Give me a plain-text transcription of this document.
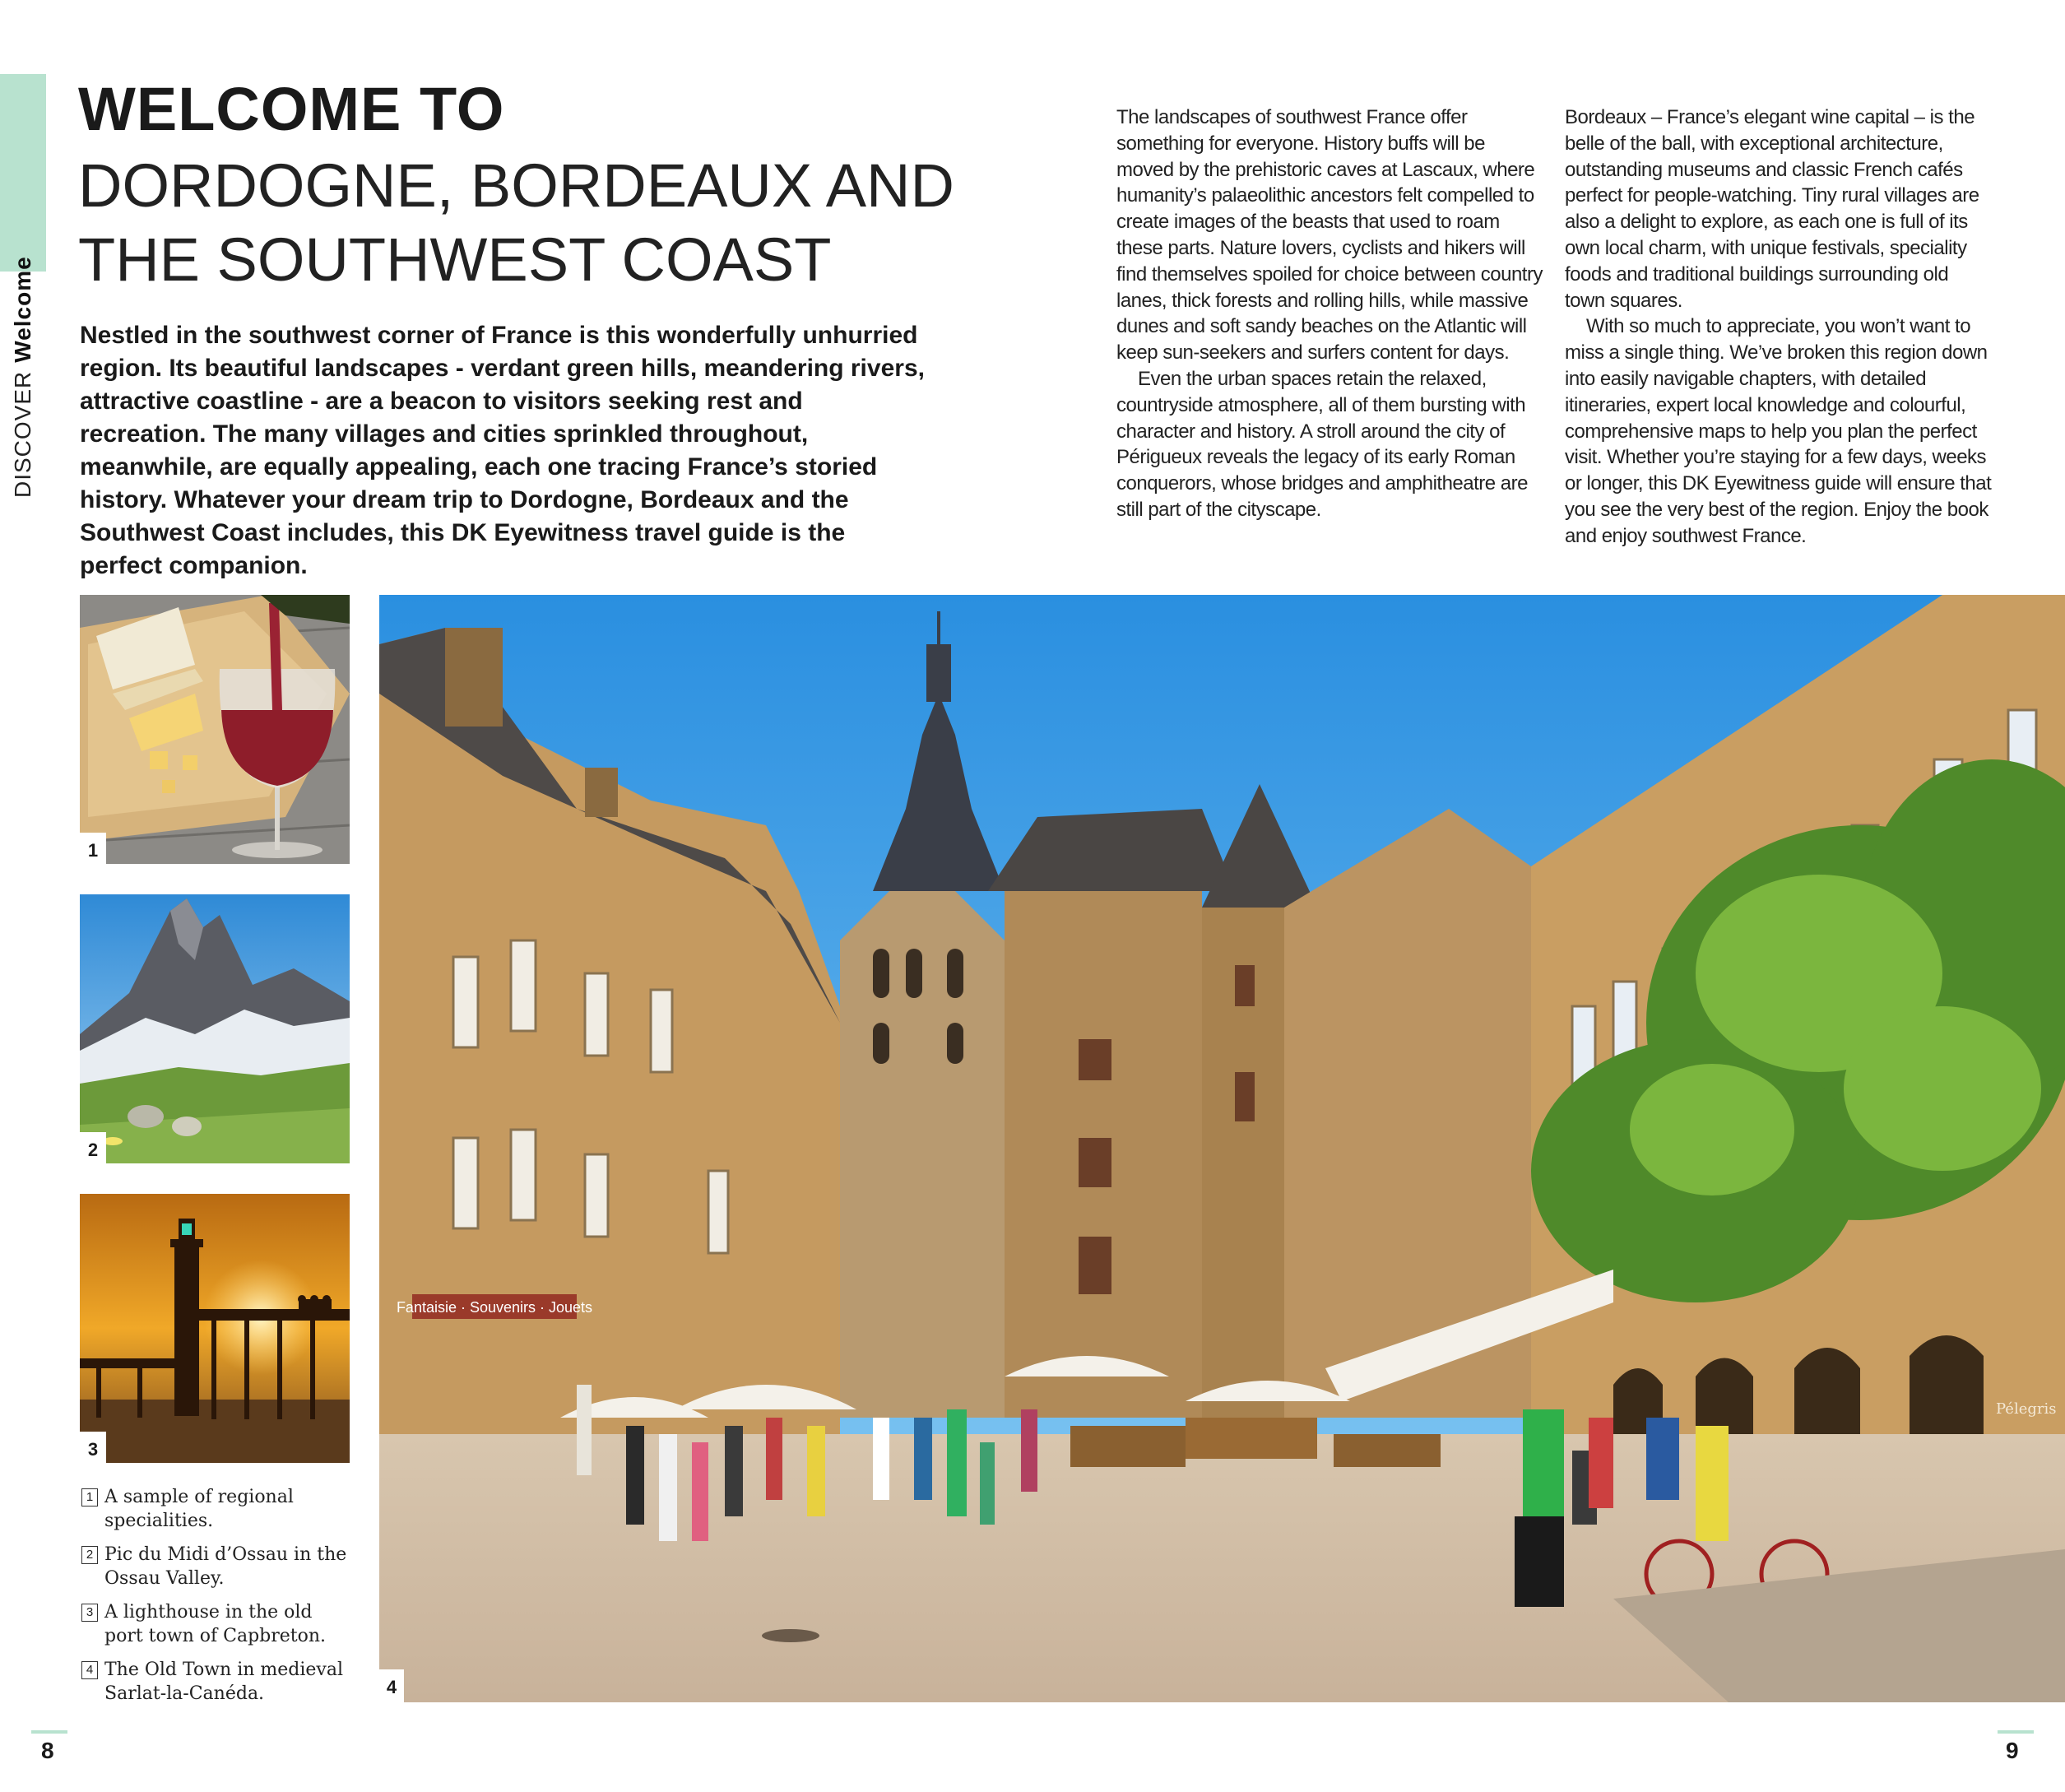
DISCOVERWelcome
WELCOME TO
DORDOGNE, BORDEAUX AND
THE SOUTHWEST COAST

Nestled in the southwest corner of France is this wonderfully unhurried region. Its beautiful landscapes - verdant green hills, meandering rivers, attractive coastline - are a beacon to visitors seeking rest and recreation. The many villages and cities sprinkled throughout, meanwhile, are equally appealing, each one tracing France’s storied history. Whatever your dream trip to Dordogne, Bordeaux and the Southwest Coast includes, this DK Eyewitness travel guide is the perfect companion.

The landscapes of southwest France offer something for everyone. History buffs will be moved by the prehistoric caves at Lascaux, where humanity’s palaeolithic ancestors felt compelled to create images of the beasts that used to roam these parts. Nature lovers, cyclists and hikers will find themselves spoiled for choice between country lanes, thick forests and rolling hills, while massive dunes and soft sandy beaches on the Atlantic will keep sun-seekers and surfers content for days.

Even the urban spaces retain the relaxed, countryside atmosphere, all of them bursting with character and history. A stroll around the city of Périgueux reveals the legacy of its early Roman conquerors, whose bridges and amphitheatre are still part of the cityscape.

Bordeaux – France’s elegant wine capital – is the belle of the ball, with exceptional architecture, outstanding museums and classic French cafés perfect for people-watching. Tiny rural villages are also a delight to explore, as each one is full of its own local charm, with unique festivals, speciality foods and traditional buildings surrounding old town squares.

With so much to appreciate, you won’t want to miss a single thing. We’ve broken this region down into easily navigable chapters, with detailed itineraries, expert local knowledge and colourful, comprehensive maps to help you plan the perfect visit. Whether you’re staying for a few days, weeks or longer, this DK Eyewitness guide will ensure that you see the very best of the region. Enjoy the book and enjoy southwest France.

1
2
3
Fantaisie · Souvenirs · Jouets
Pélegris
4
1 A sample of regional specialities.
2 Pic du Midi d’Ossau in the Ossau Valley.
3 A lighthouse in the old port town of Capbreton.
4 The Old Town in medieval Sarlat-la-Canéda.
8	9
